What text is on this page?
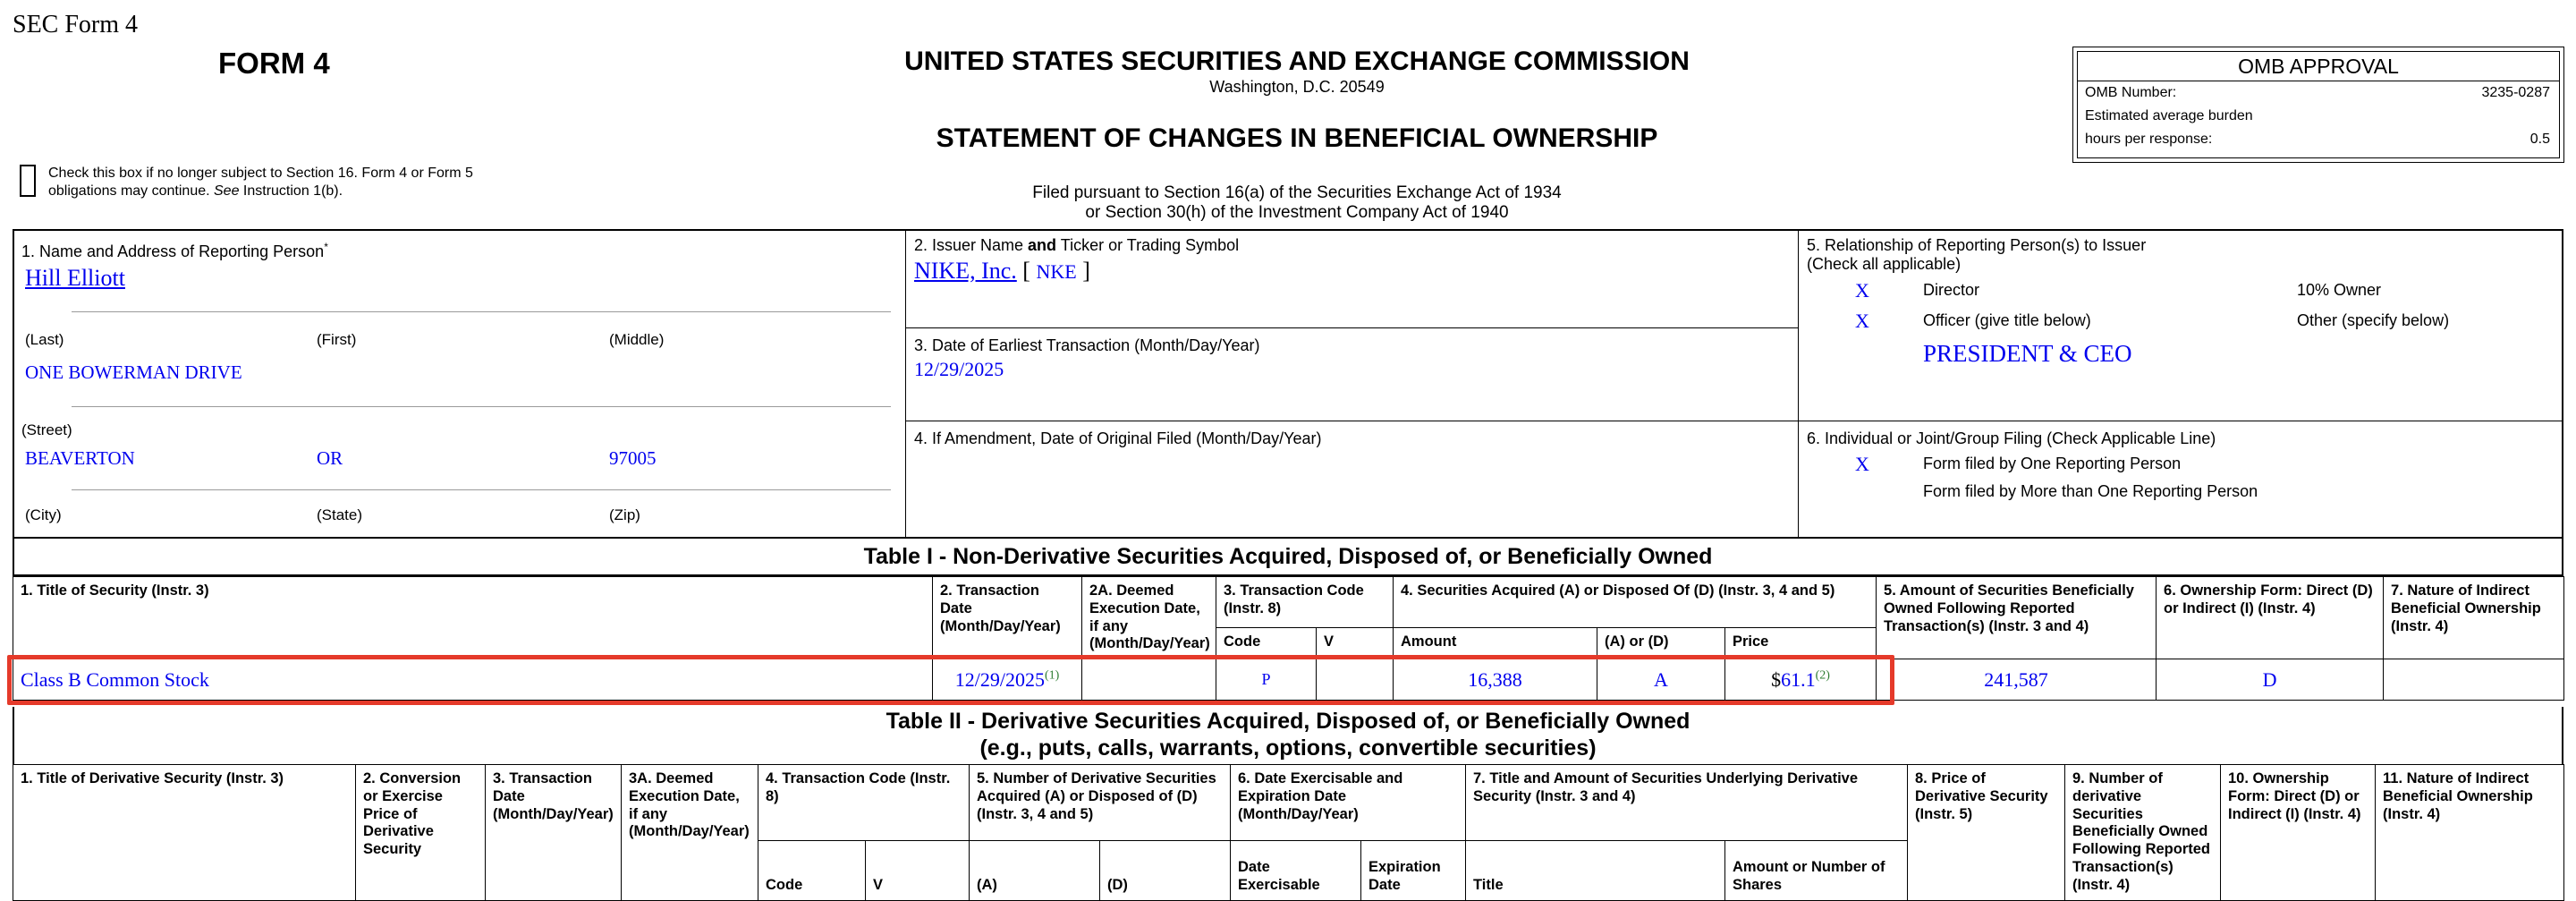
SEC Form 4
FORM 4	UNITED STATES SECURITIES AND EXCHANGE COMMISSION
Washington, D.C. 20549
STATEMENT OF CHANGES IN BENEFICIAL OWNERSHIP
Filed pursuant to Section 16(a) of the Securities Exchange Act of 1934
or Section 30(h) of the Investment Company Act of 1940
OMB APPROVAL
OMB Number:	3235-0287
Estimated average burden
hours per response:	0.5
Check this box if no longer subject to Section 16. Form 4 or Form 5
obligations may continue. See Instruction 1(b).
1. Name and Address of Reporting Person*
Hill Elliott
(Last)	(First)	(Middle)
ONE BOWERMAN DRIVE
(Street)
BEAVERTON	OR	97005
(City)	(State)	(Zip)
2. Issuer Name and Ticker or Trading Symbol
NIKE, Inc. [ NKE ]
3. Date of Earliest Transaction (Month/Day/Year)
12/29/2025
4. If Amendment, Date of Original Filed (Month/Day/Year)
5. Relationship of Reporting Person(s) to Issuer
(Check all applicable)
X	Director	10% Owner
X	Officer (give title below)	Other (specify below)
PRESIDENT & CEO
6. Individual or Joint/Group Filing (Check Applicable Line)
X	Form filed by One Reporting Person
Form filed by More than One Reporting Person
Table I - Non-Derivative Securities Acquired, Disposed of, or Beneficially Owned
1. Title of Security (Instr. 3)	2. Transaction Date (Month/Day/Year)	2A. Deemed Execution Date, if any (Month/Day/Year)	3. Transaction Code (Instr. 8)		4. Securities Acquired (A) or Disposed Of (D) (Instr. 3, 4 and 5)			5. Amount of Securities Beneficially Owned Following Reported Transaction(s) (Instr. 3 and 4)	6. Ownership Form: Direct (D) or Indirect (I) (Instr. 4)	7. Nature of Indirect Beneficial Ownership (Instr. 4)
			Code	V	Amount	(A) or (D)	Price			
Class B Common Stock	12/29/2025$^{(1)}$		P		16,388	A	$61.1$^{(2)}$	241,587	D	
Table II - Derivative Securities Acquired, Disposed of, or Beneficially Owned
(e.g., puts, calls, warrants, options, convertible securities)
1. Title of Derivative Security (Instr. 3)	2. Conversion or Exercise Price of Derivative Security	3. Transaction Date (Month/Day/Year)	3A. Deemed Execution Date, if any (Month/Day/Year)	4. Transaction Code (Instr. 8)		5. Number of Derivative Securities Acquired (A) or Disposed of (D) (Instr. 3, 4 and 5)		6. Date Exercisable and Expiration Date (Month/Day/Year)		7. Title and Amount of Securities Underlying Derivative Security (Instr. 3 and 4)		8. Price of Derivative Security (Instr. 5)	9. Number of derivative Securities Beneficially Owned Following Reported Transaction(s) (Instr. 4)	10. Ownership Form: Direct (D) or Indirect (I) (Instr. 4)	11. Nature of Indirect Beneficial Ownership (Instr. 4)
				Code	V	(A)	(D)	Date Exercisable	Expiration Date	Title	Amount or Number of Shares				
